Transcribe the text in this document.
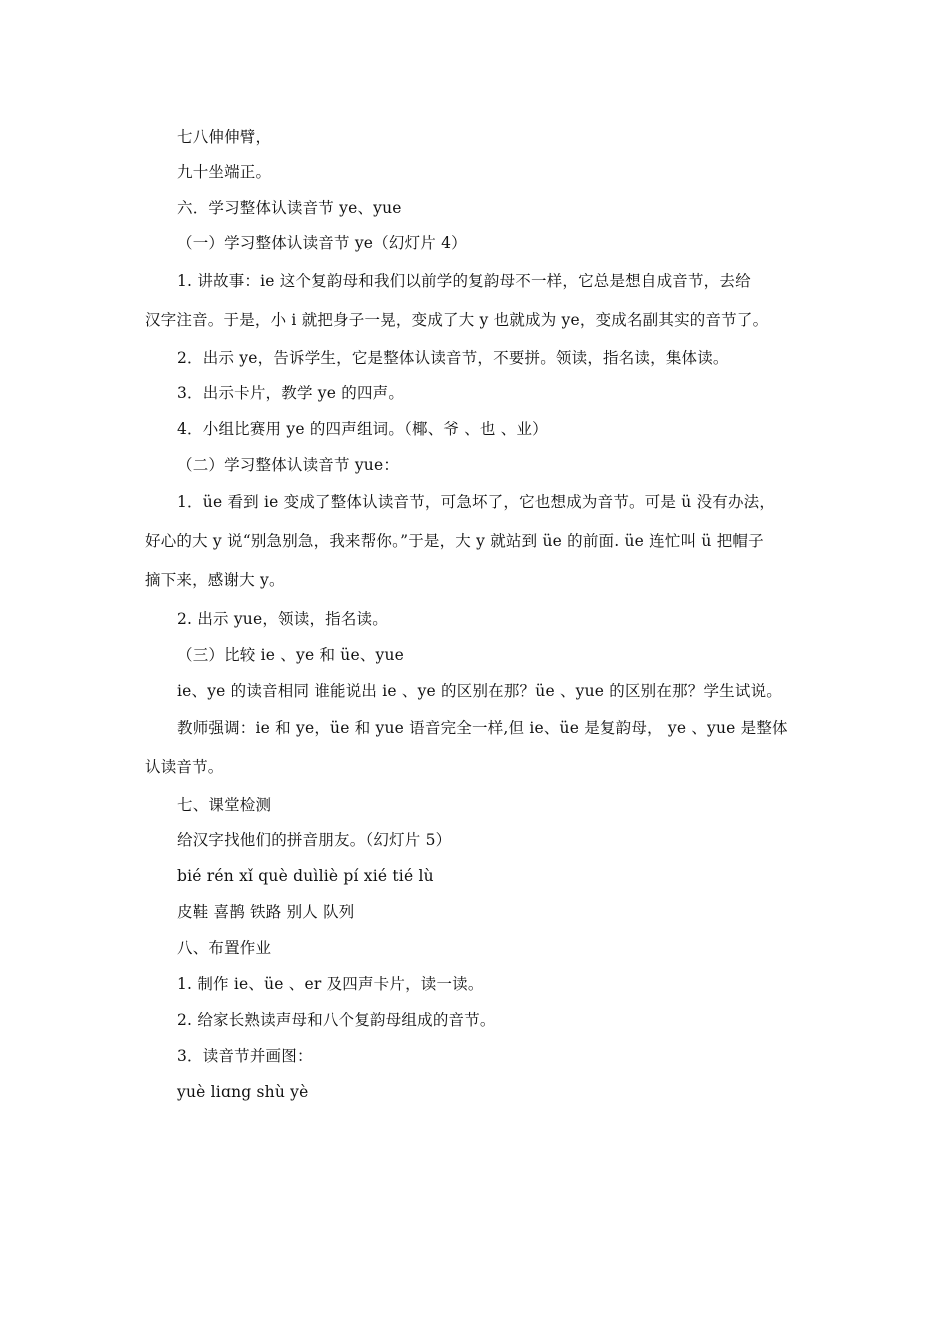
七八伸伸臂，
九十坐端正。
六．学习整体认读音节 ye、yue
（一）学习整体认读音节 ye（幻灯片 4）
1. 讲故事：ie 这个复韵母和我们以前学的复韵母不一样，它总是想自成音节，去给
汉字注音。于是，小 i 就把身子一晃，变成了大 y 也就成为 ye，变成名副其实的音节了。
2．出示 ye，告诉学生，它是整体认读音节，不要拼。领读，指名读，集体读。
3．出示卡片，教学 ye 的四声。
4．小组比赛用 ye 的四声组词。（椰、爷 、也 、业）
（二）学习整体认读音节 yue：
1．üe 看到 ie 变成了整体认读音节，可急坏了，它也想成为音节。可是 ü 没有办法，
好心的大 y 说“别急别急，我来帮你。”于是，大 y 就站到 üe 的前面. üe 连忙叫 ü 把帽子
摘下来，感谢大 y。
2. 出示 yue，领读，指名读。
（三）比较 ie 、ye 和 üe、yue
ie、ye 的读音相同 谁能说出 ie 、ye 的区别在那？üe 、yue 的区别在那？学生试说。
教师强调：ie 和 ye，üe 和 yue 语音完全一样,但 ie、üe 是复韵母， ye 、yue 是整体
认读音节。
七、课堂检测
给汉字找他们的拼音朋友。（幻灯片 5）
bié rén xǐ què duìliè pí xié tié lù
皮鞋 喜鹊 铁路 别人 队列
八、布置作业
1. 制作 ie、üe 、er 及四声卡片，读一读。
2. 给家长熟读声母和八个复韵母组成的音节。
3．读音节并画图：
yuè liɑng shù yè
